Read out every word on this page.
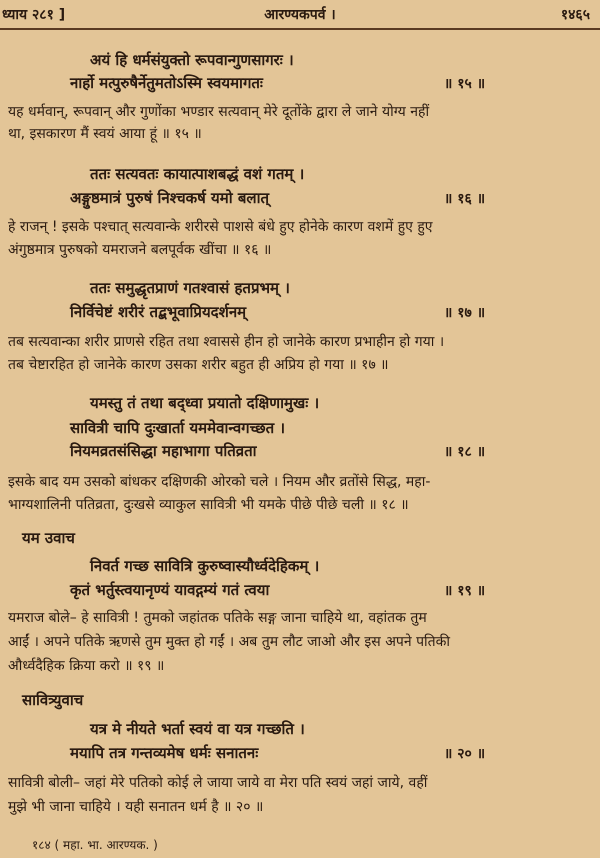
ध्याय २८१ ]	आरण्यकपर्व ।	१४६५
अयं हि धर्मसंयुक्तो रूपवान्गुणसागरः ।
नार्हो मत्पुरुषैर्नेतुमतोऽस्मि स्वयमागतः	॥ १५ ॥
यह धर्मवान्, रूपवान् और गुणोंका भण्डार सत्यवान् मेरे दूतोंके द्वारा ले जाने योग्य नहीं
था, इसकारण मैं स्वयं आया हूं ॥ १५ ॥
ततः सत्यवतः कायात्पाशबद्धं वशं गतम् ।
अङ्गुष्ठमात्रं पुरुषं निश्चकर्ष यमो बलात्	॥ १६ ॥
हे राजन् ! इसके पश्चात् सत्यवान्के शरीरसे पाशसे बंधे हुए होनेके कारण वशमें हुए हुए
अंगुष्ठमात्र पुरुषको यमराजने बलपूर्वक खींचा ॥ १६ ॥
ततः समुद्धृतप्राणं गतश्वासं हतप्रभम् ।
निर्विचेष्टं शरीरं तद्बभूवाप्रियदर्शनम्	॥ १७ ॥
तब सत्यवान्का शरीर प्राणसे रहित तथा श्वाससे हीन हो जानेके कारण प्रभाहीन हो गया ।
तब चेष्टारहित हो जानेके कारण उसका शरीर बहुत ही अप्रिय हो गया ॥ १७ ॥
यमस्तु तं तथा बद्ध्वा प्रयातो दक्षिणामुखः ।
सावित्री चापि दुःखार्ता यममेवान्वगच्छत ।
नियमव्रतसंसिद्धा महाभागा पतिव्रता	॥ १८ ॥
इसके बाद यम उसको बांधकर दक्षिणकी ओरको चले । नियम और व्रतोंसे सिद्ध, महा-
भाग्यशालिनी पतिव्रता, दुःखसे व्याकुल सावित्री भी यमके पीछे पीछे चली ॥ १८ ॥
यम उवाच
निवर्त गच्छ सावित्रि कुरुष्वास्यौर्ध्वदेहिकम् ।
कृतं भर्तुस्त्वयानृण्यं यावद्गम्यं गतं त्वया	॥ १९ ॥
यमराज बोले– हे सावित्री ! तुमको जहांतक पतिके सङ्ग जाना चाहिये था, वहांतक तुम
आईं । अपने पतिके ऋणसे तुम मुक्त हो गईं । अब तुम लौट जाओ और इस अपने पतिकी
और्ध्वदैहिक क्रिया करो ॥ १९ ॥
सावित्र्युवाच
यत्र मे नीयते भर्ता स्वयं वा यत्र गच्छति ।
मयापि तत्र गन्तव्यमेष धर्मः सनातनः	॥ २० ॥
सावित्री बोली– जहां मेरे पतिको कोई ले जाया जाये वा मेरा पति स्वयं जहां जाये, वहीं
मुझे भी जाना चाहिये । यही सनातन धर्म है ॥ २० ॥
१८४ ( महा. भा. आरण्यक. )
